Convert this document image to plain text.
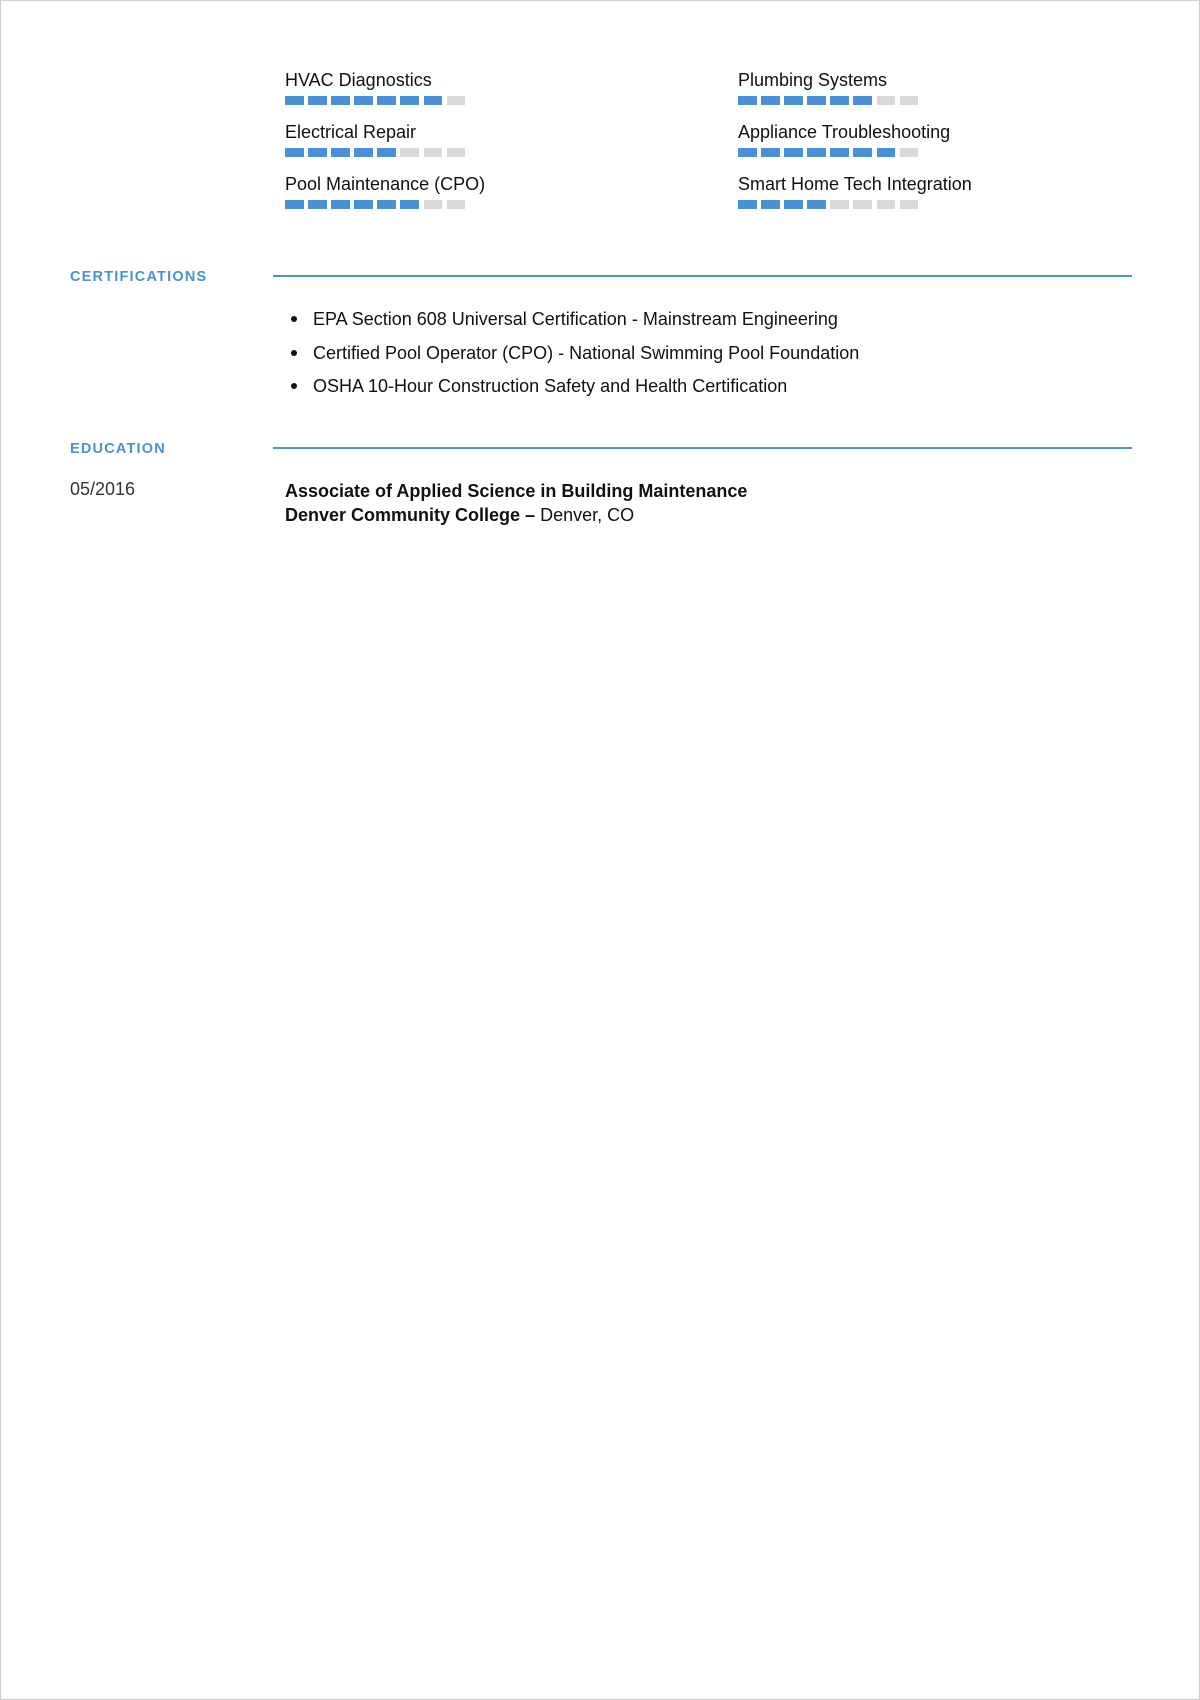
HVAC Diagnostics	Plumbing Systems
Electrical Repair	Appliance Troubleshooting
Pool Maintenance (CPO)	Smart Home Tech Integration
CERTIFICATIONS
EPA Section 608 Universal Certification - Mainstream Engineering
Certified Pool Operator (CPO) - National Swimming Pool Foundation
OSHA 10-Hour Construction Safety and Health Certification
EDUCATION
05/2016	Associate of Applied Science in Building Maintenance
Denver Community College – Denver, CO
